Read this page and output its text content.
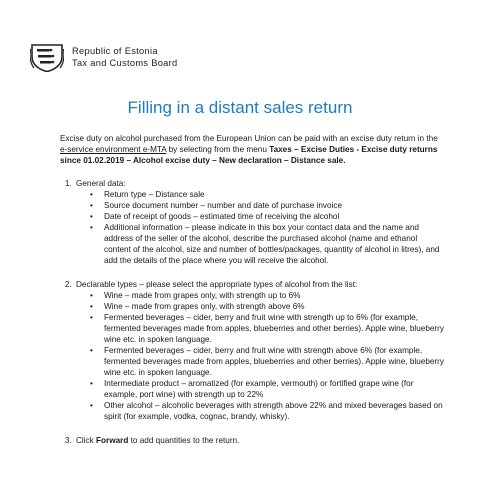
Republic of Estonia
Tax and Customs Board
Filling in a distant sales return

Excise duty on alcohol purchased from the European Union can be paid with an excise duty return in the e-service environment e-MTA by selecting from the menu Taxes – Excise Duties - Excise duty returns since 01.02.2019 – Alcohol excise duty – New declaration – Distance sale.

1. General data:
• Return type – Distance sale
• Source document number – number and date of purchase invoice
• Date of receipt of goods – estimated time of receiving the alcohol
• Additional information – please indicate in this box your contact data and the name and address of the seller of the alcohol, describe the purchased alcohol (name and ethanol content of the alcohol, size and number of bottles/packages, quantity of alcohol in litres), and add the details of the place where you will receive the alcohol.
2. Declarable types – please select the appropriate types of alcohol from the list:
• Wine – made from grapes only, with strength up to 6%
• Wine – made from grapes only, with strength above 6%
• Fermented beverages – cider, berry and fruit wine with strength up to 6% (for example, fermented beverages made from apples, blueberries and other berries). Apple wine, blueberry wine etc. in spoken language.
• Fermented beverages – cider, berry and fruit wine with strength above 6% (for example, fermented beverages made from apples, blueberries and other berries). Apple wine, blueberry wine etc. in spoken language.
• Intermediate product – aromatized (for example, vermouth) or fortified grape wine (for example, port wine) with strength up to 22%
• Other alcohol – alcoholic beverages with strength above 22% and mixed beverages based on spirit (for example, vodka, cognac, brandy, whisky).
3. Click Forward to add quantities to the return.
